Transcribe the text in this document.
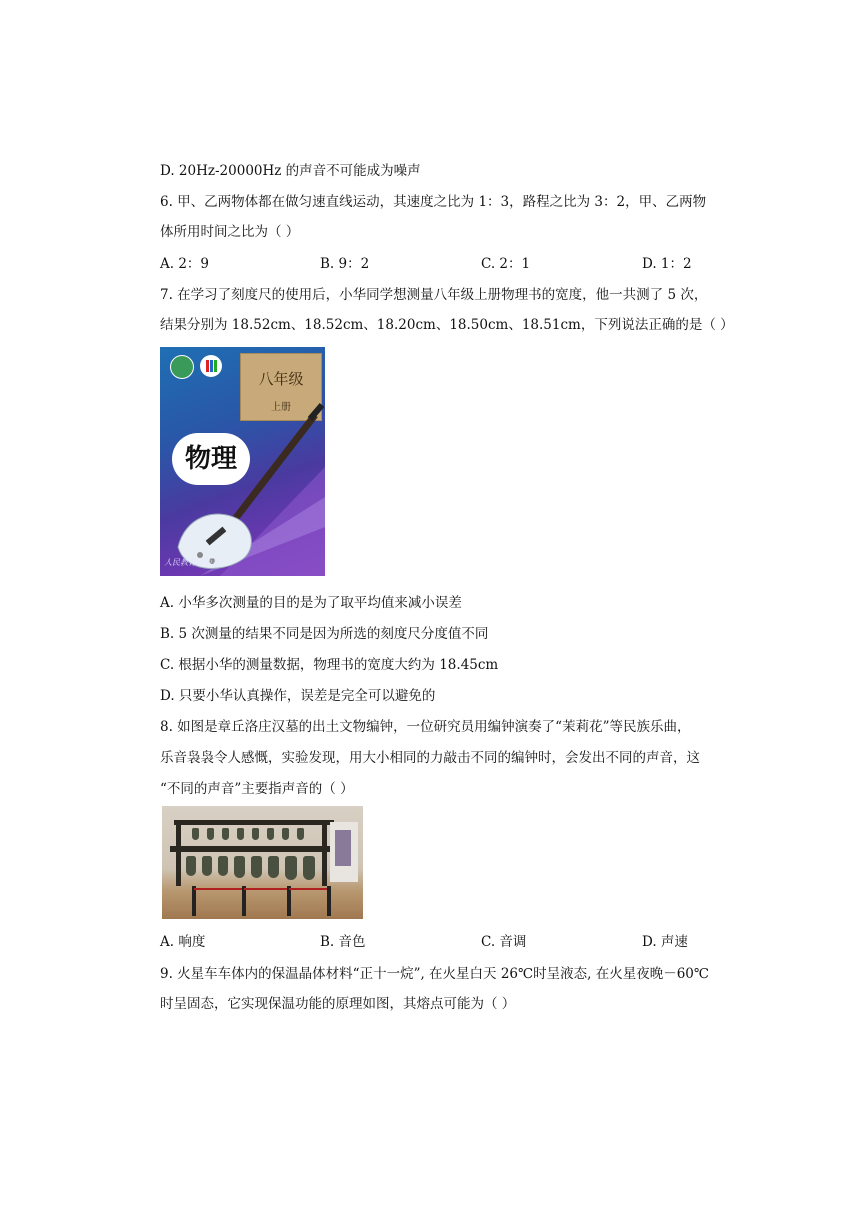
D. 20Hz-20000Hz 的声音不可能成为噪声
6. 甲、乙两物体都在做匀速直线运动，其速度之比为 1：3，路程之比为 3：2，甲、乙两物
体所用时间之比为（ ）
A. 2：9	B. 9：2	C. 2：1	D. 1：2
7. 在学习了刻度尺的使用后，小华同学想测量八年级上册物理书的宽度，他一共测了 5 次，
结果分别为 18.52cm、18.52cm、18.20cm、18.50cm、18.51cm，下列说法正确的是（ ）
八年级
上册
物理
人民教育出版社
A. 小华多次测量的目的是为了取平均值来减小误差
B. 5 次测量的结果不同是因为所选的刻度尺分度值不同
C. 根据小华的测量数据，物理书的宽度大约为 18.45cm
D. 只要小华认真操作，误差是完全可以避免的
8. 如图是章丘洛庄汉墓的出土文物编钟，一位研究员用编钟演奏了“茉莉花”等民族乐曲，
乐音袅袅令人感慨，实验发现，用大小相同的力敲击不同的编钟时，会发出不同的声音，这
“不同的声音”主要指声音的（ ）
A. 响度	B. 音色	C. 音调	D. 声速
9. 火星车车体内的保温晶体材料“正十一烷”, 在火星白天 26℃时呈液态, 在火星夜晚－60℃
时呈固态，它实现保温功能的原理如图，其熔点可能为（ ）
